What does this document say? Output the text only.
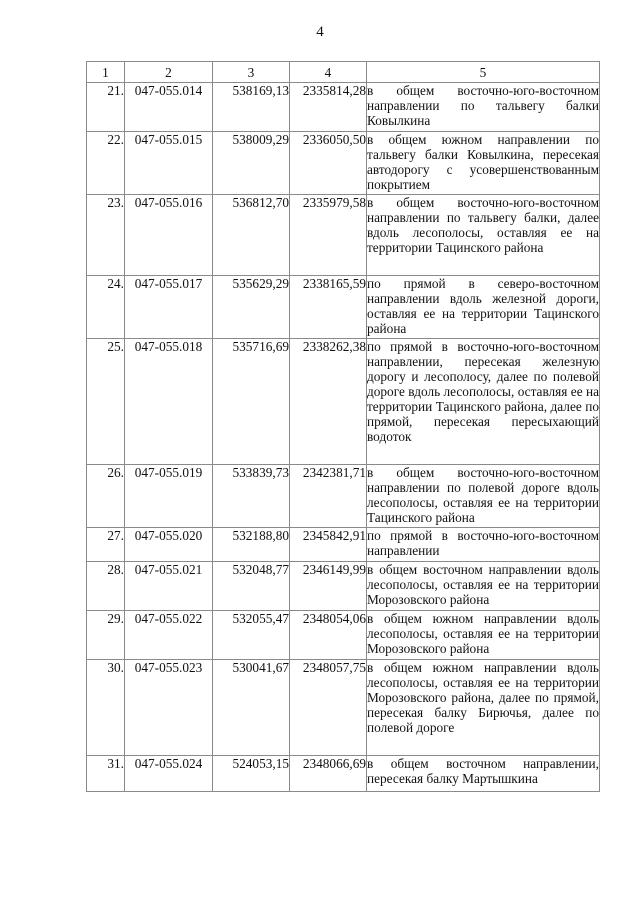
4
1	2	3	4	5
21.	047-055.014	538169,13	2335814,28	в общем восточно-юго-восточном направлении по тальвегу балки Ковылкина
22.	047-055.015	538009,29	2336050,50	в общем южном направлении по тальвегу балки Ковылкина, пересекая автодорогу с усовершенствованным покрытием
23.	047-055.016	536812,70	2335979,58	в общем восточно-юго-восточном направлении по тальвегу балки, далее вдоль лесополосы, оставляя ее на территории Тацинского района
24.	047-055.017	535629,29	2338165,59	по прямой в северо-восточном направлении вдоль железной дороги, оставляя ее на территории Тацинского района
25.	047-055.018	535716,69	2338262,38	по прямой в восточно-юго-восточном направлении, пересекая железную дорогу и лесополосу, далее по полевой дороге вдоль лесополосы, оставляя ее на территории Тацинского района, далее по прямой, пересекая пересыхающий водоток
26.	047-055.019	533839,73	2342381,71	в общем восточно-юго-восточном направлении по полевой дороге вдоль лесополосы, оставляя ее на территории Тацинского района
27.	047-055.020	532188,80	2345842,91	по прямой в восточно-юго-восточном направлении
28.	047-055.021	532048,77	2346149,99	в общем восточном направлении вдоль лесополосы, оставляя ее на территории Морозовского района
29.	047-055.022	532055,47	2348054,06	в общем южном направлении вдоль лесополосы, оставляя ее на территории Морозовского района
30.	047-055.023	530041,67	2348057,75	в общем южном направлении вдоль лесополосы, оставляя ее на территории Морозовского района, далее по прямой, пересекая балку Бирючья, далее по полевой дороге
31.	047-055.024	524053,15	2348066,69	в общем восточном направлении, пересекая балку Мартышкина
